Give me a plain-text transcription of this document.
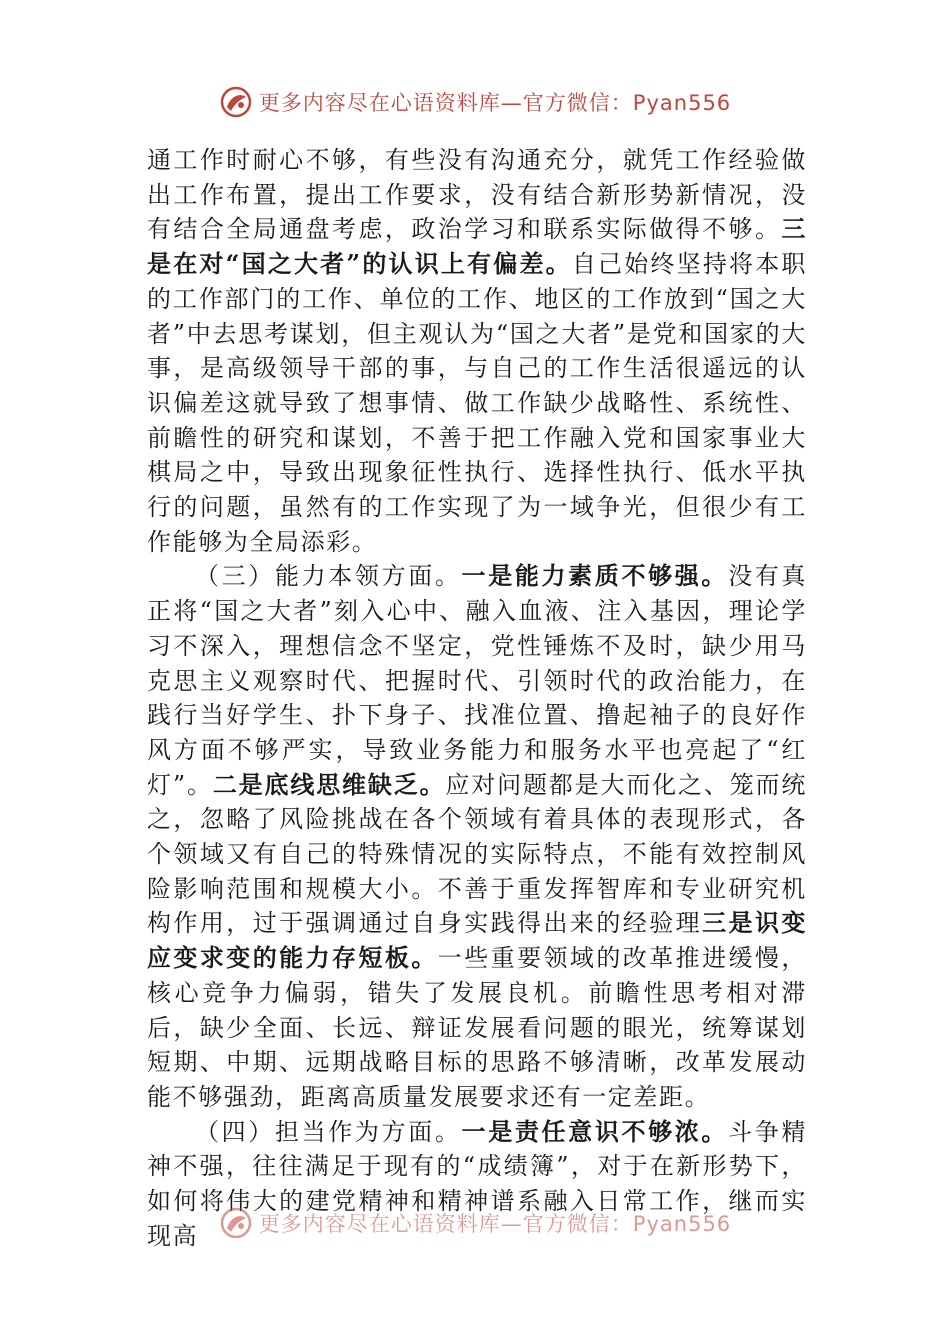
更多内容尽在心语资料库—官方微信：Pyan556

通工作时耐心不够，有些没有沟通充分，就凭工作经验做出工作布置，提出工作要求，没有结合新形势新情况，没有结合全局通盘考虑，政治学习和联系实际做得不够。三是在对“国之大者”的认识上有偏差。自己始终坚持将本职的工作部门的工作、单位的工作、地区的工作放到“国之大者”中去思考谋划，但主观认为“国之大者”是党和国家的大事，是高级领导干部的事，与自己的工作生活很遥远的认识偏差这就导致了想事情、做工作缺少战略性、系统性、前瞻性的研究和谋划，不善于把工作融入党和国家事业大棋局之中，导致出现象征性执行、选择性执行、低水平执行的问题，虽然有的工作实现了为一域争光，但很少有工作能够为全局添彩。

（三）能力本领方面。一是能力素质不够强。没有真正将“国之大者”刻入心中、融入血液、注入基因，理论学习不深入，理想信念不坚定，党性锤炼不及时，缺少用马克思主义观察时代、把握时代、引领时代的政治能力，在践行当好学生、扑下身子、找准位置、撸起袖子的良好作风方面不够严实，导致业务能力和服务水平也亮起了“红灯”。二是底线思维缺乏。应对问题都是大而化之、笼而统之，忽略了风险挑战在各个领域有着具体的表现形式，各个领域又有自己的特殊情况的实际特点，不能有效控制风险影响范围和规模大小。不善于重发挥智库和专业研究机构作用，过于强调通过自身实践得出来的经验理三是识变应变求变的能力存短板。一些重要领域的改革推进缓慢，核心竞争力偏弱，错失了发展良机。前瞻性思考相对滞后，缺少全面、长远、辩证发展看问题的眼光，统筹谋划短期、中期、远期战略目标的思路不够清晰，改革发展动能不够强劲，距离高质量发展要求还有一定差距。

（四）担当作为方面。一是责任意识不够浓。斗争精神不强，往往满足于现有的“成绩簿”，对于在新形势下，如何将伟大的建党精神和精神谱系融入日常工作，继而实现高	更多内容尽在心语资料库—官方微信：Pyan556
